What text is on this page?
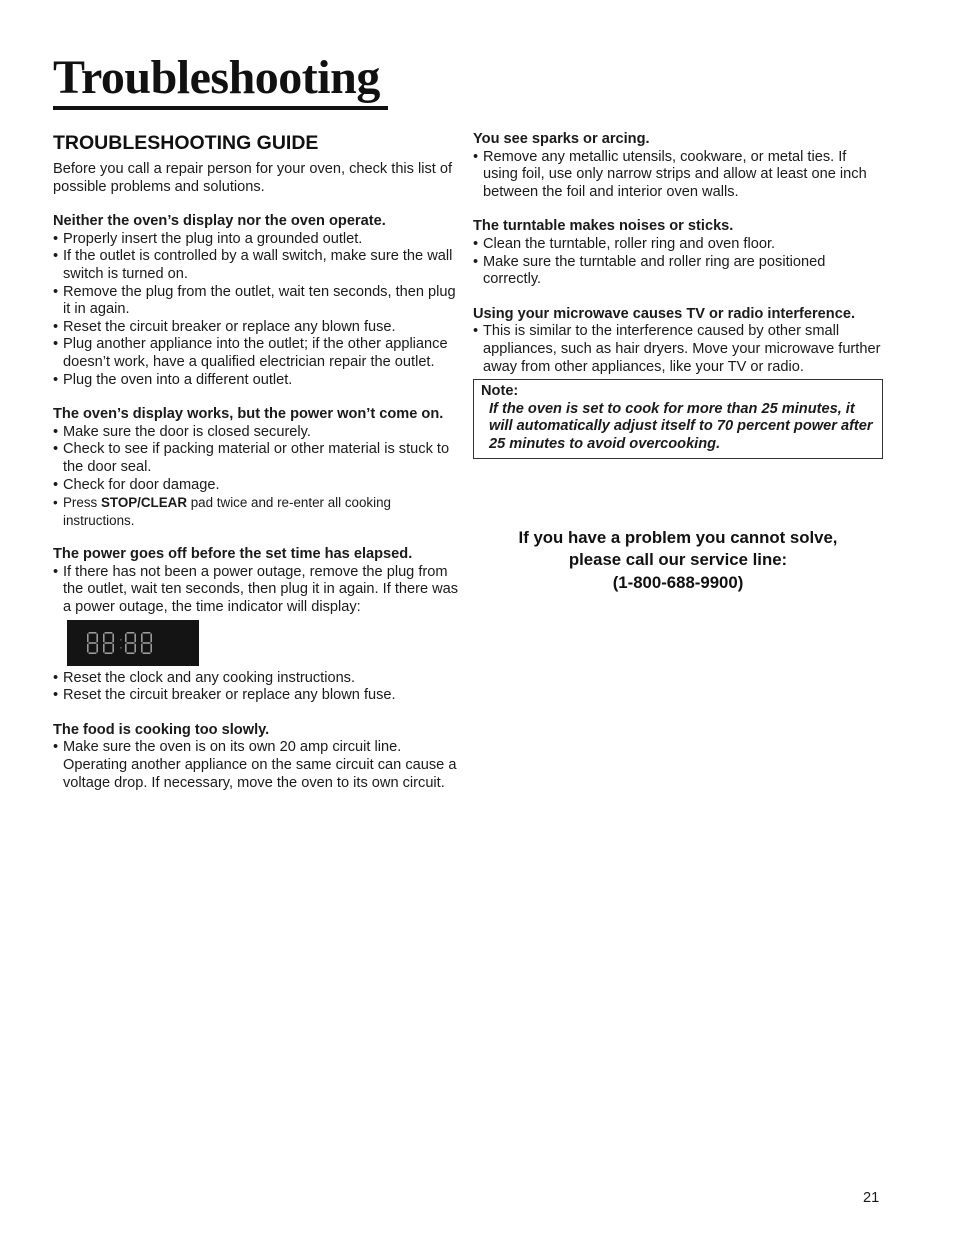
Troubleshooting
TROUBLESHOOTING GUIDE

Before you call a repair person for your oven, check this list of possible problems and solutions.

Neither the oven’s display nor the oven operate.

• Properly insert the plug into a grounded outlet.
• If the outlet is controlled by a wall switch, make sure the wall switch is turned on.
• Remove the plug from the outlet, wait ten seconds, then plug it in again.
• Reset the circuit breaker or replace any blown fuse.
• Plug another appliance into the outlet; if the other appliance doesn’t work, have a qualified electrician repair the outlet.
• Plug the oven into a different outlet.

The oven’s display works, but the power won’t come on.

• Make sure the door is closed securely.
• Check to see if packing material or other material is stuck to the door seal.
• Check for door damage.
• Press STOP/CLEAR pad twice and re-enter all cooking instructions.

The power goes off before the set time has elapsed.

• If there has not been a power outage, remove the plug from the outlet, wait ten seconds, then plug it in again. If there was a power outage, the time indicator will display:
• Reset the clock and any cooking instructions.
• Reset the circuit breaker or replace any blown fuse.

The food is cooking too slowly.

• Make sure the oven is on its own 20 amp circuit line. Operating another appliance on the same circuit can cause a voltage drop. If necessary, move the oven to its own circuit.

You see sparks or arcing.

• Remove any metallic utensils, cookware, or metal ties. If using foil, use only narrow strips and allow at least one inch between the foil and interior oven walls.

The turntable makes noises or sticks.

• Clean the turntable, roller ring and oven floor.
• Make sure the turntable and roller ring are positioned correctly.

Using your microwave causes TV or radio interference.

• This is similar to the interference caused by other small appliances, such as hair dryers. Move your microwave further away from other appliances, like your TV or radio.

Note:

If the oven is set to cook for more than 25 minutes, it will automatically adjust itself to 70 percent power after 25 minutes to avoid overcooking.

If you have a problem you cannot solve,
please call our service line:
(1-800-688-9900)
21
